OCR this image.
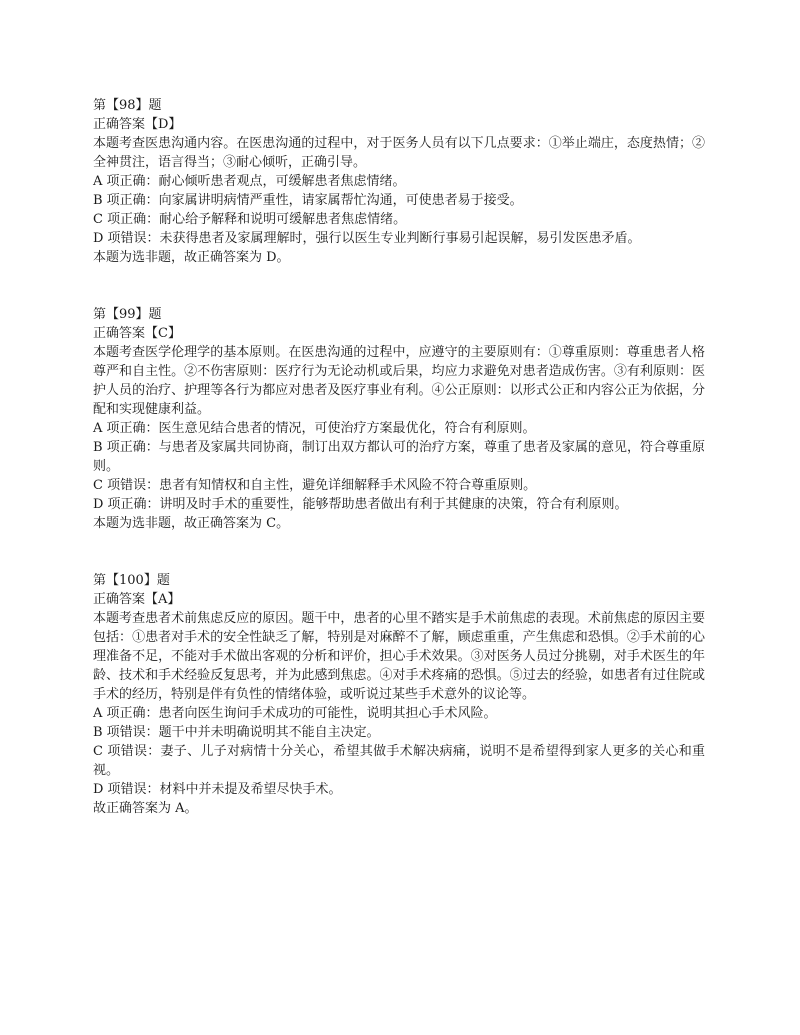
第【98】题

正确答案【D】

本题考查医患沟通内容。在医患沟通的过程中，对于医务人员有以下几点要求：①举止端庄，态度热情；②全神贯注，语言得当；③耐心倾听，正确引导。

A 项正确：耐心倾听患者观点，可缓解患者焦虑情绪。

B 项正确：向家属讲明病情严重性，请家属帮忙沟通，可使患者易于接受。

C 项正确：耐心给予解释和说明可缓解患者焦虑情绪。

D 项错误：未获得患者及家属理解时，强行以医生专业判断行事易引起误解，易引发医患矛盾。

本题为选非题，故正确答案为 D。

第【99】题

正确答案【C】

本题考查医学伦理学的基本原则。在医患沟通的过程中，应遵守的主要原则有：①尊重原则：尊重患者人格尊严和自主性。②不伤害原则：医疗行为无论动机或后果，均应力求避免对患者造成伤害。③有利原则：医护人员的治疗、护理等各行为都应对患者及医疗事业有利。④公正原则：以形式公正和内容公正为依据，分配和实现健康利益。

A 项正确：医生意见结合患者的情况，可使治疗方案最优化，符合有利原则。

B 项正确：与患者及家属共同协商，制订出双方都认可的治疗方案，尊重了患者及家属的意见，符合尊重原则。

C 项错误：患者有知情权和自主性，避免详细解释手术风险不符合尊重原则。

D 项正确：讲明及时手术的重要性，能够帮助患者做出有利于其健康的决策，符合有利原则。

本题为选非题，故正确答案为 C。

第【100】题

正确答案【A】

本题考查患者术前焦虑反应的原因。题干中，患者的心里不踏实是手术前焦虑的表现。术前焦虑的原因主要包括：①患者对手术的安全性缺乏了解，特别是对麻醉不了解，顾虑重重，产生焦虑和恐惧。②手术前的心理准备不足，不能对手术做出客观的分析和评价，担心手术效果。③对医务人员过分挑剔，对手术医生的年龄、技术和手术经验反复思考，并为此感到焦虑。④对手术疼痛的恐惧。⑤过去的经验，如患者有过住院或手术的经历，特别是伴有负性的情绪体验，或听说过某些手术意外的议论等。

A 项正确：患者向医生询问手术成功的可能性，说明其担心手术风险。

B 项错误：题干中并未明确说明其不能自主决定。

C 项错误：妻子、儿子对病情十分关心，希望其做手术解决病痛，说明不是希望得到家人更多的关心和重视。

D 项错误：材料中并未提及希望尽快手术。

故正确答案为 A。
